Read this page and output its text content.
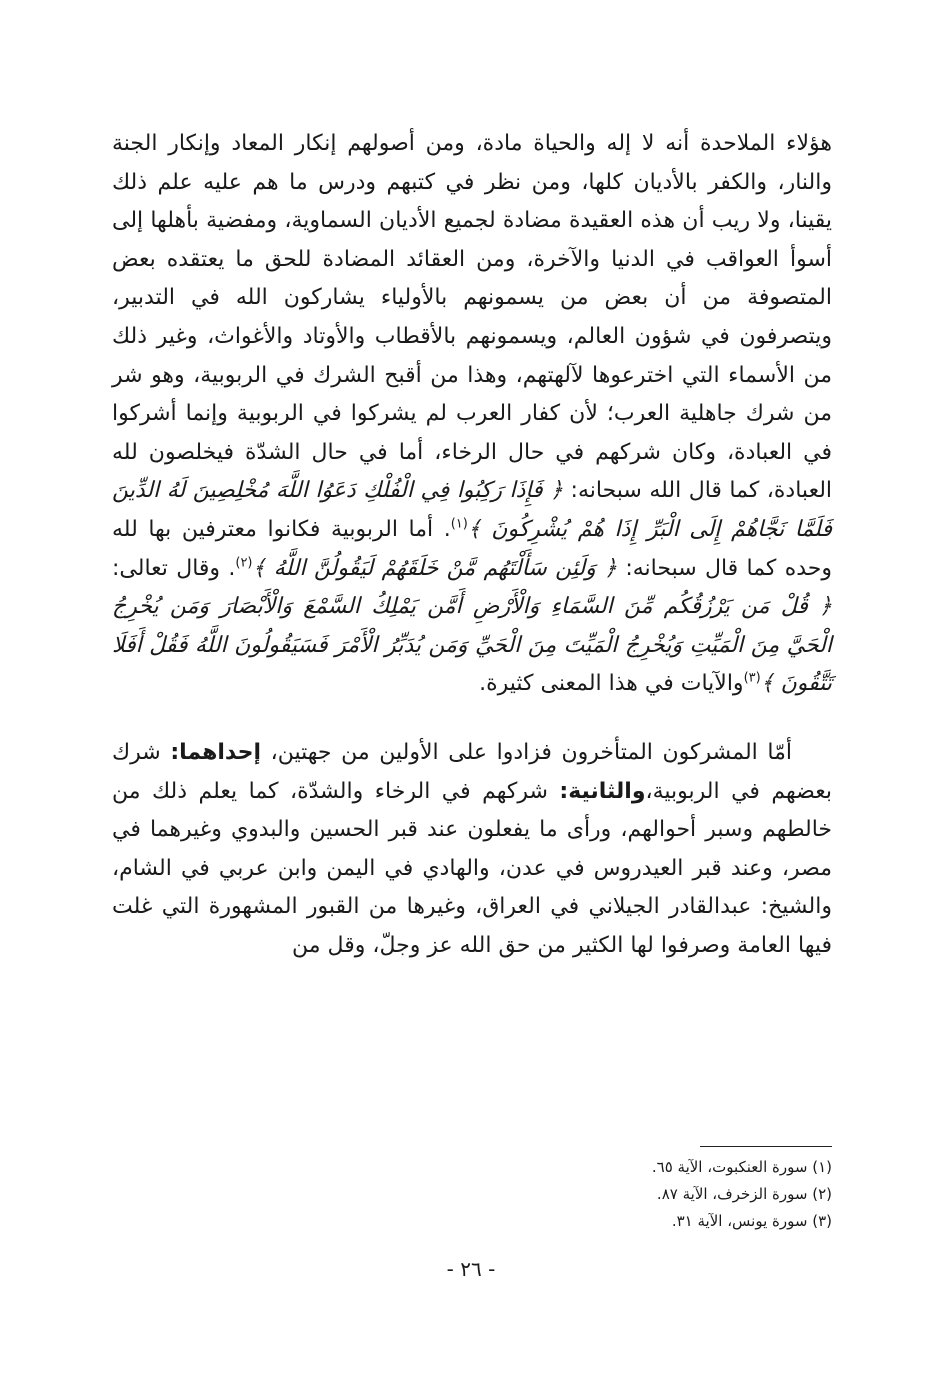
هؤلاء الملاحدة أنه لا إله والحياة مادة، ومن أصولهم إنكار المعاد وإنكار الجنة والنار، والكفر بالأديان كلها، ومن نظر في كتبهم ودرس ما هم عليه علم ذلك يقينا، ولا ريب أن هذه العقيدة مضادة لجميع الأديان السماوية، ومفضية بأهلها إلى أسوأ العواقب في الدنيا والآخرة، ومن العقائد المضادة للحق ما يعتقده بعض المتصوفة من أن بعض من يسمونهم بالأولياء يشاركون الله في التدبير، ويتصرفون في شؤون العالم، ويسمونهم بالأقطاب والأوتاد والأغواث، وغير ذلك من الأسماء التي اخترعوها لآلهتهم، وهذا من أقبح الشرك في الربوبية، وهو شر من شرك جاهلية العرب؛ لأن كفار العرب لم يشركوا في الربوبية وإنما أشركوا في العبادة، وكان شركهم في حال الرخاء، أما في حال الشدّة فيخلصون لله العبادة، كما قال الله سبحانه: ﴿ فَإِذَا رَكِبُوا فِي الْفُلْكِ دَعَوُا اللَّهَ مُخْلِصِينَ لَهُ الدِّينَ فَلَمَّا نَجَّاهُمْ إِلَى الْبَرِّ إِذَا هُمْ يُشْرِكُونَ ﴾$^{(١)}$. أما الربوبية فكانوا معترفين بها لله وحده كما قال سبحانه: ﴿ وَلَئِن سَأَلْتَهُم مَّنْ خَلَقَهُمْ لَيَقُولُنَّ اللَّهُ ﴾$^{(٢)}$. وقال تعالى: ﴿ قُلْ مَن يَرْزُقُكُم مِّنَ السَّمَاءِ وَالْأَرْضِ أَمَّن يَمْلِكُ السَّمْعَ وَالْأَبْصَارَ وَمَن يُخْرِجُ الْحَيَّ مِنَ الْمَيِّتِ وَيُخْرِجُ الْمَيِّتَ مِنَ الْحَيِّ وَمَن يُدَبِّرُ الْأَمْرَ فَسَيَقُولُونَ اللَّهُ فَقُلْ أَفَلَا تَتَّقُونَ ﴾$^{(٣)}$والآيات في هذا المعنى كثيرة.

أمّا المشركون المتأخرون فزادوا على الأولين من جهتين، إحداهما: شرك بعضهم في الربوبية،والثانية: شركهم في الرخاء والشدّة، كما يعلم ذلك من خالطهم وسبر أحوالهم، ورأى ما يفعلون عند قبر الحسين والبدوي وغيرهما في مصر، وعند قبر العيدروس في عدن، والهادي في اليمن وابن عربي في الشام، والشيخ: عبدالقادر الجيلاني في العراق، وغيرها من القبور المشهورة التي غلت فيها العامة وصرفوا لها الكثير من حق الله عز وجلّ، وقل من

(١) سورة العنكبوت، الآية ٦٥.
(٢) سورة الزخرف، الآية ٨٧.
(٣) سورة يونس، الآية ٣١.
- ٢٦ -
